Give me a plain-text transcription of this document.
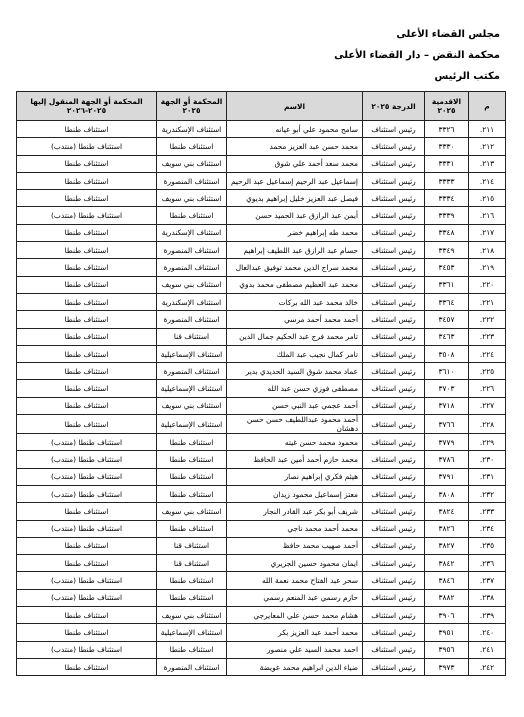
مجلس القضاء الأعلى
محكمة النقض – دار القضاء الأعلى
مكتب الرئيس
م	الاقدمية ٢٠٢٥	الدرجة ٢٠٢٥	الاسم	المحكمة أو الجهة ٢٠٢٥	المحكمة أو الجهة المنقول إليها ٢٠٢٥-٢٠٢٦
٢١١.	٣٣٢٦	رئيس استئناف	سامح محمود علي أبو عيانه	استئناف الإسكندرية	استئناف طنطا
٢١٢.	٣٣٣٠	رئيس استئناف	محمد حسن عبد العزيز محمد	استئناف طنطا	استئناف طنطا (منتدب)
٢١٣.	٣٣٣١	رئيس استئناف	محمد سعد أحمد علي شوق	استئناف بني سويف	استئناف طنطا
٢١٤.	٣٣٣٣	رئيس استئناف	إسماعيل عبد الرحيم إسماعيل عبد الرحيم	استئناف المنصورة	استئناف طنطا
٢١٥.	٣٣٣٤	رئيس استئناف	فيصل عبد العزيز خليل إبراهيم بديوي	استئناف بني سويف	استئناف طنطا
٢١٦.	٣٣٣٩	رئيس استئناف	أيمن عبد الرازق عبد الحميد حسن	استئناف طنطا	استئناف طنطا (منتدب)
٢١٧.	٣٣٤٨	رئيس استئناف	محمد طه إبراهيم خضر	استئناف الإسكندرية	استئناف طنطا
٢١٨.	٣٣٤٩	رئيس استئناف	حسام عبد الرازق عبد اللطيف إبراهيم	استئناف المنصورة	استئناف طنطا
٢١٩.	٣٤٥٣	رئيس استئناف	محمد سراج الدين محمد توفيق عبدالعال	استئناف المنصورة	استئناف طنطا
٢٢٠.	٣٣٦١	رئيس استئناف	محمد عبد العظيم مصطفى محمد بدوي	استئناف بني سويف	استئناف طنطا
٢٢١.	٣٣٦٤	رئيس استئناف	خالد محمد عبد الله بركات	استئناف الإسكندرية	استئناف طنطا
٢٢٢.	٣٤٥٧	رئيس استئناف	أحمد محمد أحمد مرسي	استئناف المنصورة	استئناف طنطا
٢٢٣.	٣٤٦٣	رئيس استئناف	تامر محمد فرج عبد الحكيم جمال الدين	استئناف قنا	استئناف طنطا
٢٢٤.	٣٥٠٨	رئيس استئناف	تامر كمال نجيب عبد الملك	استئناف الإسماعيلية	استئناف طنطا
٢٢٥.	٣٦١٠	رئيس استئناف	عماد محمد شوق السيد الحديدي بدير	استئناف المنصورة	استئناف طنطا
٢٢٦.	٣٧٠٣	رئيس استئناف	مصطفى فوزي حسن عبد الله	استئناف الإسماعيلية	استئناف طنطا
٢٢٧.	٣٧١٨	رئيس استئناف	أحمد عجمي عبد النبي حسن	استئناف بني سويف	استئناف طنطا
٢٢٨.	٣٧٦٦	رئيس استئناف	أحمد محمود عبداللطيف حسن حسن دهشان	استئناف الإسماعيلية	استئناف طنطا
٢٢٩.	٣٧٧٩	رئيس استئناف	محمود محمد حسن غيته	استئناف طنطا	استئناف طنطا (منتدب)
٢٣٠.	٣٧٨٦	رئيس استئناف	محمد حازم أحمد أمين عبد الحافظ	استئناف طنطا	استئناف طنطا (منتدب)
٢٣١.	٣٧٩١	رئيس استئناف	هيثم فكري إبراهيم نصار	استئناف طنطا	استئناف طنطا (منتدب)
٢٣٢.	٣٨٠٨	رئيس استئناف	معتز إسماعيل محمود زيدان	استئناف طنطا	استئناف طنطا (منتدب)
٢٣٣.	٣٨٢٤	رئيس استئناف	شريف أبو بكر عبد القادر النجار	استئناف بني سويف	استئناف طنطا
٢٣٤.	٣٨٢٦	رئيس استئناف	محمد أحمد محمد ناجي	استئناف طنطا	استئناف طنطا (منتدب)
٢٣٥.	٣٨٢٧	رئيس استئناف	أحمد صهيب محمد حافظ	استئناف قنا	استئناف طنطا
٢٣٦.	٣٨٤٢	رئيس استئناف	ايمان محمود حسين الجزيري	استئناف قنا	استئناف طنطا
٢٣٧.	٣٨٤٦	رئيس استئناف	سحر عبد الفتاح محمد نعمة الله	استئناف طنطا	استئناف طنطا (منتدب)
٢٣٨.	٣٨٨٢	رئيس استئناف	حازم رسمي عبد المنعم رسمي	استئناف طنطا	استئناف طنطا (منتدب)
٢٣٩.	٣٩٠٦	رئيس استئناف	هشام محمد حسن علي المعايرجي	استئناف بني سويف	استئناف طنطا
٢٤٠.	٣٩٥١	رئيس استئناف	محمد أحمد عبد العزيز بكر	استئناف الإسماعيلية	استئناف طنطا
٢٤١.	٣٩٥٦	رئيس استئناف	احمد محمد السيد علي منصور	استئناف طنطا	استئناف طنطا (منتدب)
٢٤٢.	٣٩٧٣	رئيس استئناف	ضياء الدين ابراهيم محمد عويضة	استئناف المنصورة	استئناف طنطا
